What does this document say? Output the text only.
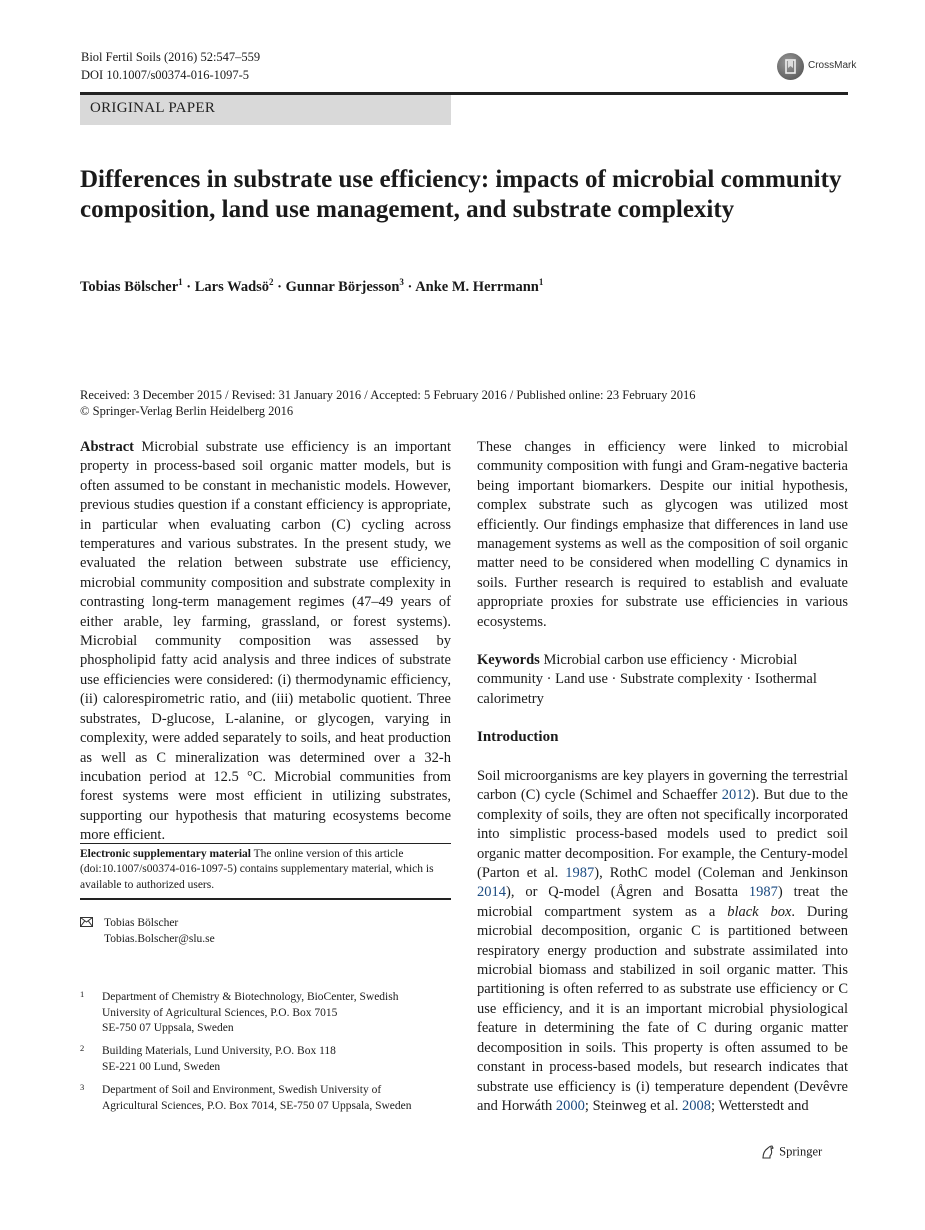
Biol Fertil Soils (2016) 52:547–559
DOI 10.1007/s00374-016-1097-5
CrossMark
ORIGINAL PAPER
Differences in substrate use efficiency: impacts of microbial community composition, land use management, and substrate complexity
Tobias Bölscher$^1$ · Lars Wadsö$^2$ · Gunnar Börjesson$^3$ · Anke M. Herrmann$^1$
Received: 3 December 2015 / Revised: 31 January 2016 / Accepted: 5 February 2016 / Published online: 23 February 2016
© Springer-Verlag Berlin Heidelberg 2016

Abstract Microbial substrate use efficiency is an important property in process-based soil organic matter models, but is often assumed to be constant in mechanistic models. However, previous studies question if a constant efficiency is appropriate, in particular when evaluating carbon (C) cycling across temperatures and various substrates. In the present study, we evaluated the relation between substrate use efficiency, microbial community composition and substrate complexity in contrasting long-term management regimes (47–49 years of either arable, ley farming, grassland, or forest systems). Microbial community composition was assessed by phospholipid fatty acid analysis and three indices of substrate use efficiencies were considered: (i) thermodynamic efficiency, (ii) calorespirometric ratio, and (iii) metabolic quotient. Three substrates, D-glucose, L-alanine, or glycogen, varying in complexity, were added separately to soils, and heat production as well as C mineralization was determined over a 32-h incubation period at 12.5 °C. Microbial communities from forest systems were most efficient in utilizing substrates, supporting our hypothesis that maturing ecosystems become more efficient.

These changes in efficiency were linked to microbial community composition with fungi and Gram-negative bacteria being important biomarkers. Despite our initial hypothesis, complex substrate such as glycogen was utilized most efficiently. Our findings emphasize that differences in land use management systems as well as the composition of soil organic matter need to be considered when modelling C dynamics in soils. Further research is required to establish and evaluate appropriate proxies for substrate use efficiencies in various ecosystems.

Keywords Microbial carbon use efficiency · Microbial community · Land use · Substrate complexity · Isothermal calorimetry

Introduction

Soil microorganisms are key players in governing the terrestrial carbon (C) cycle (Schimel and Schaeffer 2012). But due to the complexity of soils, they are often not specifically incorporated into simplistic process-based models used to predict soil organic matter decomposition. For example, the Century-model (Parton et al. 1987), RothC model (Coleman and Jenkinson 2014), or Q-model (Ågren and Bosatta 1987) treat the microbial compartment system as a black box. During microbial decomposition, organic C is partitioned between respiratory energy production and substrate assimilated into microbial biomass and stabilized in soil organic matter. This partitioning is often referred to as substrate use efficiency or C use efficiency, and it is an important microbial physiological feature in determining the fate of C during organic matter decomposition in soils. This property is often assumed to be constant in process-based models, but research indicates that substrate use efficiency is (i) temperature dependent (Devêvre and Horwáth 2000; Steinweg et al. 2008; Wetterstedt and

Electronic supplementary material The online version of this article (doi:10.1007/s00374-016-1097-5) contains supplementary material, which is available to authorized users.
Tobias Bölscher
Tobias.Bolscher@slu.se
1 Department of Chemistry & Biotechnology, BioCenter, Swedish
University of Agricultural Sciences, P.O. Box 7015
SE-750 07 Uppsala, Sweden
2 Building Materials, Lund University, P.O. Box 118
SE-221 00 Lund, Sweden
3 Department of Soil and Environment, Swedish University of
Agricultural Sciences, P.O. Box 7014, SE-750 07 Uppsala, Sweden
Springer
